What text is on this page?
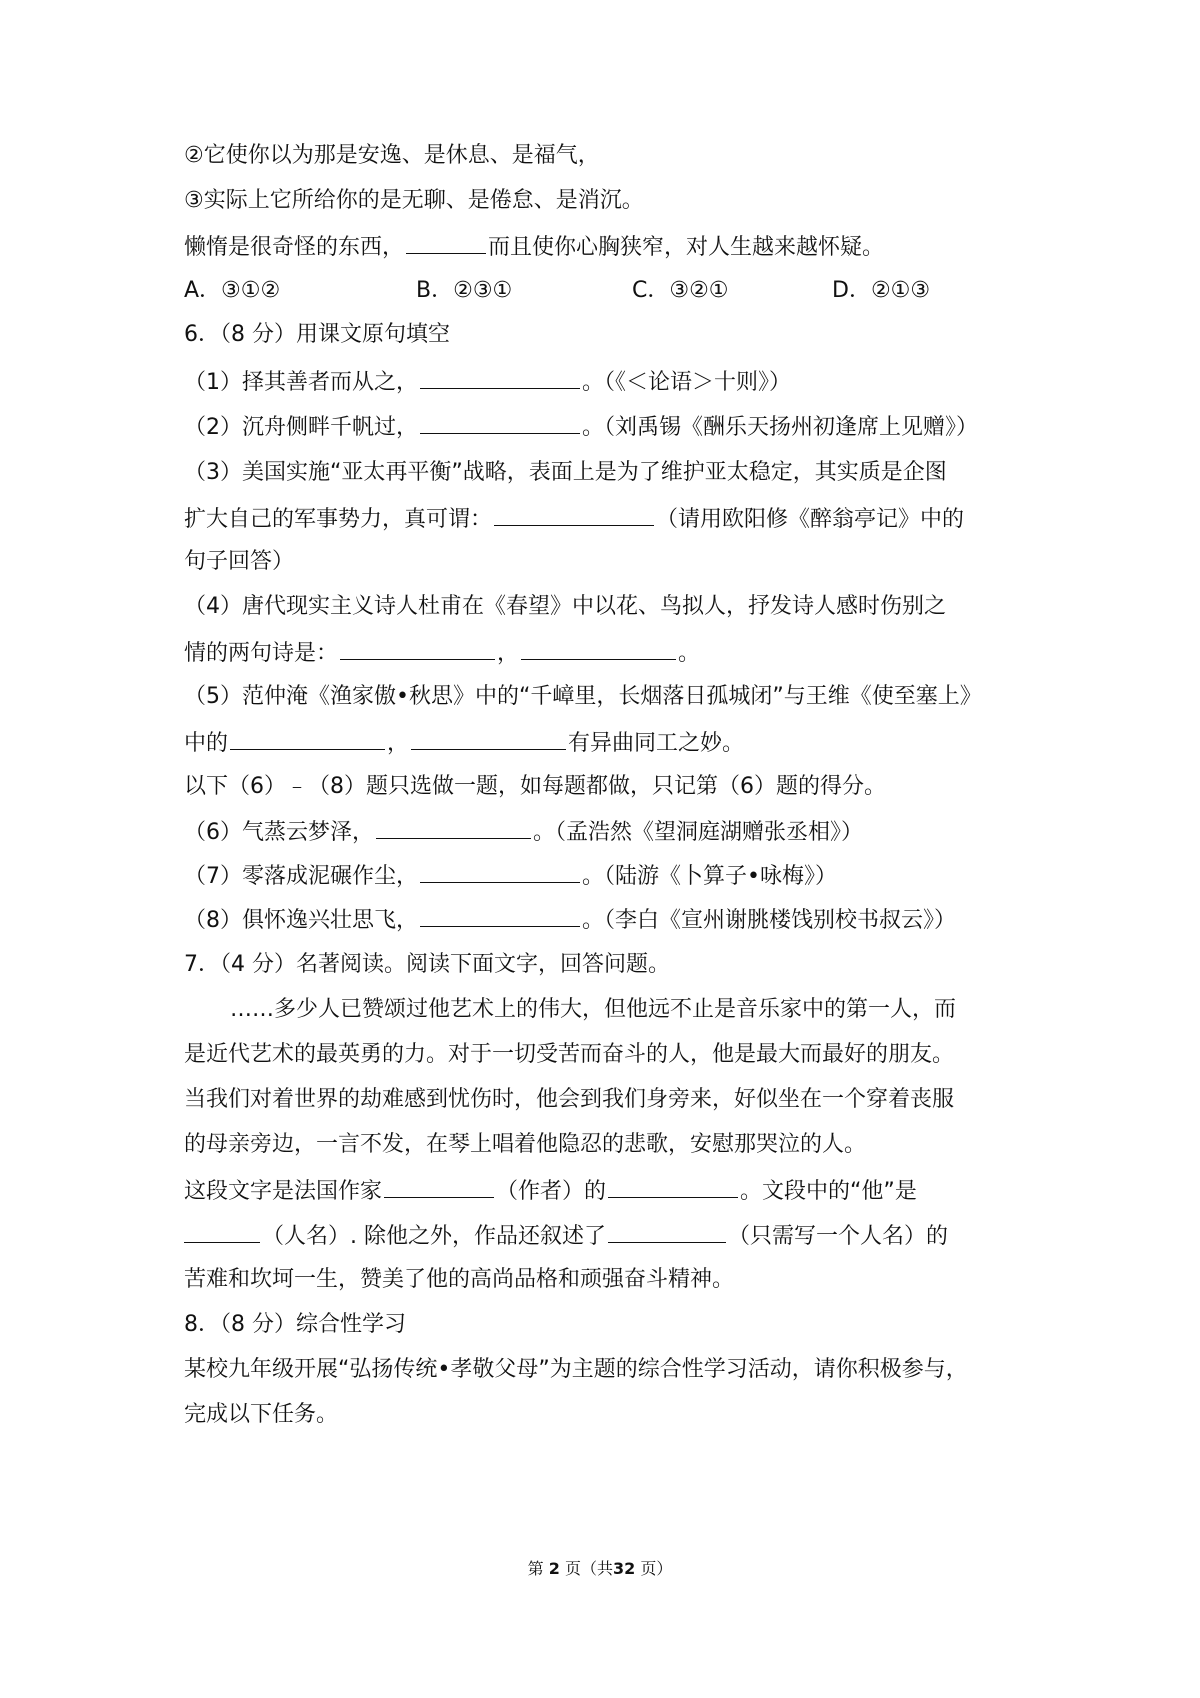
②它使你以为那是安逸、是休息、是福气，
③实际上它所给你的是无聊、是倦怠、是消沉。
懒惰是很奇怪的东西，	而且使你心胸狭窄，对人生越来越怀疑。
A．③①②	B．②③①	C．③②①	D．②①③
6．（8 分）用课文原句填空
（1）择其善者而从之，	。（《＜论语＞十则》）
（2）沉舟侧畔千帆过，	。（刘禹锡《酬乐天扬州初逢席上见赠》）
（3）美国实施“亚太再平衡”战略，表面上是为了维护亚太稳定，其实质是企图
扩大自己的军事势力，真可谓：	（请用欧阳修《醉翁亭记》中的
句子回答）
（4）唐代现实主义诗人杜甫在《春望》中以花、鸟拟人，抒发诗人感时伤别之
情的两句诗是：	，	。
（5）范仲淹《渔家傲•秋思》中的“千嶂里，长烟落日孤城闭”与王维《使至塞上》
中的	，	有异曲同工之妙。
以下（6）﹣（8）题只选做一题，如每题都做，只记第（6）题的得分。
（6）气蒸云梦泽，	。（孟浩然《望洞庭湖赠张丞相》）
（7）零落成泥碾作尘，	。（陆游《卜算子•咏梅》）
（8）俱怀逸兴壮思飞，	。（李白《宣州谢朓楼饯别校书叔云》）
7．（4 分）名著阅读。阅读下面文字，回答问题。
……多少人已赞颂过他艺术上的伟大，但他远不止是音乐家中的第一人，而
是近代艺术的最英勇的力。对于一切受苦而奋斗的人，他是最大而最好的朋友。
当我们对着世界的劫难感到忧伤时，他会到我们身旁来，好似坐在一个穿着丧服
的母亲旁边，一言不发，在琴上唱着他隐忍的悲歌，安慰那哭泣的人。
这段文字是法国作家	（作者）的	。文段中的“他”是
（人名）. 除他之外，作品还叙述了	（只需写一个人名）的
苦难和坎坷一生，赞美了他的高尚品格和顽强奋斗精神。
8．（8 分）综合性学习
某校九年级开展“弘扬传统•孝敬父母”为主题的综合性学习活动，请你积极参与，
完成以下任务。
第 2 页（共32 页）
